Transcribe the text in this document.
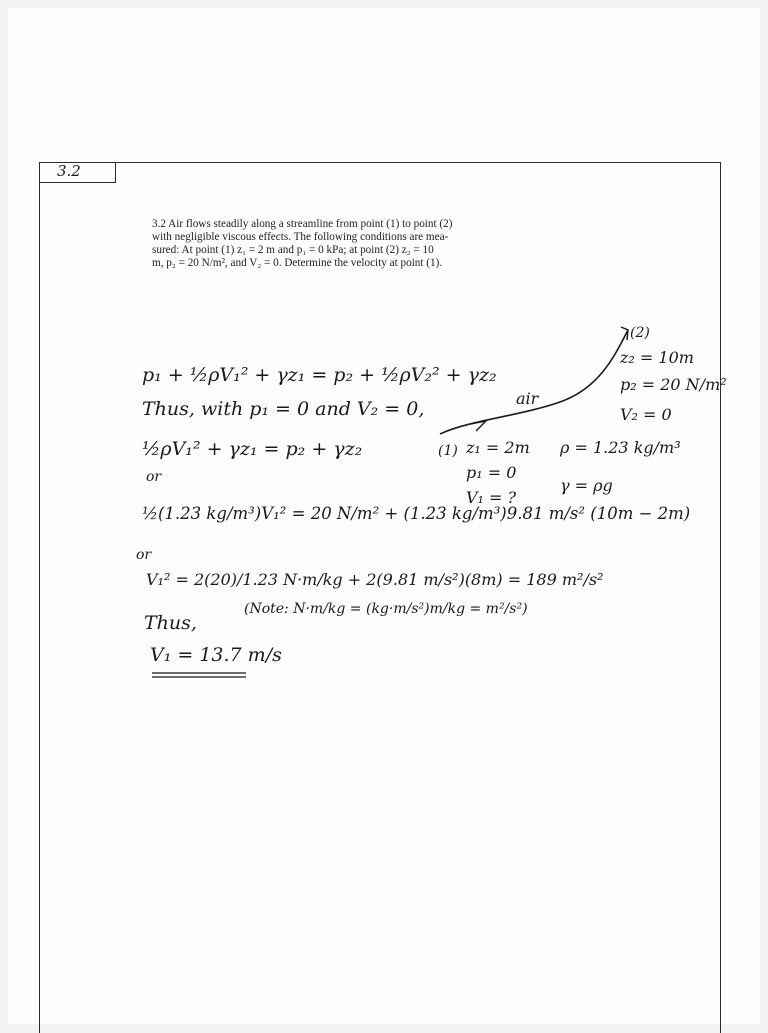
3.2

3.2 Air flows steadily along a streamline from point (1) to point (2)
with negligible viscous effects. The following conditions are mea-
sured: At point (1) z₁ = 2 m and p₁ = 0 kPa; at point (2) z₂ = 10
m, p₂ = 20 N/m², and V₂ = 0. Determine the velocity at point (1).

(2)

z₂ = 10m

p₂ = 20 N/m²

V₂ = 0

air

(1) z₁ = 2m

p₁ = 0

V₁ = ?

ρ = 1.23 kg/m³

γ = ρg

p₁ + ½ρV₁² + γz₁ = p₂ + ½ρV₂² + γz₂

Thus, with p₁ = 0 and V₂ = 0,

½ρV₁² + γz₁ = p₂ + γz₂

or

½(1.23 kg/m³)V₁² = 20 N/m² + (1.23 kg/m³)9.81 m/s² (10m − 2m)

or

V₁² = 2(20)/1.23 N·m/kg + 2(9.81 m/s²)(8m) = 189 m²/s²

(Note: N·m/kg = (kg·m/s²)m/kg = m²/s²)

Thus,

V₁ = 13.7 m/s
